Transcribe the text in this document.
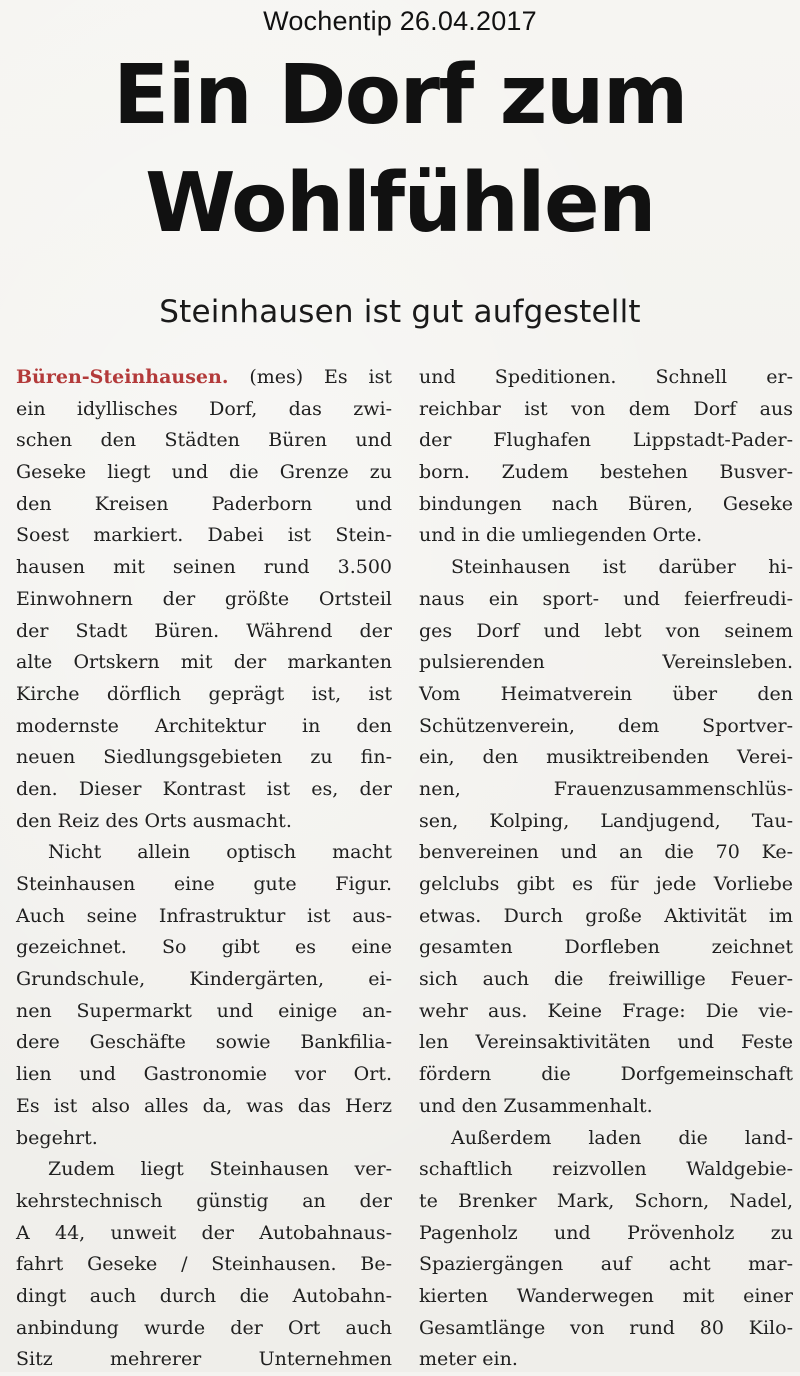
Wochentip 26.04.2017
Ein Dorf zum
Wohlfühlen
Steinhausen ist gut aufgestellt
Büren-Steinhausen. (mes) Es ist
ein idyllisches Dorf, das zwi-
schen den Städten Büren und
Geseke liegt und die Grenze zu
den Kreisen Paderborn und
Soest markiert. Dabei ist Stein-
hausen mit seinen rund 3.500
Einwohnern der größte Ortsteil
der Stadt Büren. Während der
alte Ortskern mit der markanten
Kirche dörflich geprägt ist, ist
modernste Architektur in den
neuen Siedlungsgebieten zu fin-
den. Dieser Kontrast ist es, der
den Reiz des Orts ausmacht.
Nicht allein optisch macht
Steinhausen eine gute Figur.
Auch seine Infrastruktur ist aus-
gezeichnet. So gibt es eine
Grundschule, Kindergärten, ei-
nen Supermarkt und einige an-
dere Geschäfte sowie Bankfilia-
lien und Gastronomie vor Ort.
Es ist also alles da, was das Herz
begehrt.
Zudem liegt Steinhausen ver-
kehrstechnisch günstig an der
A 44, unweit der Autobahnaus-
fahrt Geseke / Steinhausen. Be-
dingt auch durch die Autobahn-
anbindung wurde der Ort auch
Sitz mehrerer Unternehmen
und Speditionen. Schnell er-
reichbar ist von dem Dorf aus
der Flughafen Lippstadt-Pader-
born. Zudem bestehen Busver-
bindungen nach Büren, Geseke
und in die umliegenden Orte.
Steinhausen ist darüber hi-
naus ein sport- und feierfreudi-
ges Dorf und lebt von seinem
pulsierenden Vereinsleben.
Vom Heimatverein über den
Schützenverein, dem Sportver-
ein, den musiktreibenden Verei-
nen, Frauenzusammenschlüs-
sen, Kolping, Landjugend, Tau-
benvereinen und an die 70 Ke-
gelclubs gibt es für jede Vorliebe
etwas. Durch große Aktivität im
gesamten Dorfleben zeichnet
sich auch die freiwillige Feuer-
wehr aus. Keine Frage: Die vie-
len Vereinsaktivitäten und Feste
fördern die Dorfgemeinschaft
und den Zusammenhalt.
Außerdem laden die land-
schaftlich reizvollen Waldgebie-
te Brenker Mark, Schorn, Nadel,
Pagenholz und Prövenholz zu
Spaziergängen auf acht mar-
kierten Wanderwegen mit einer
Gesamtlänge von rund 80 Kilo-
meter ein.
